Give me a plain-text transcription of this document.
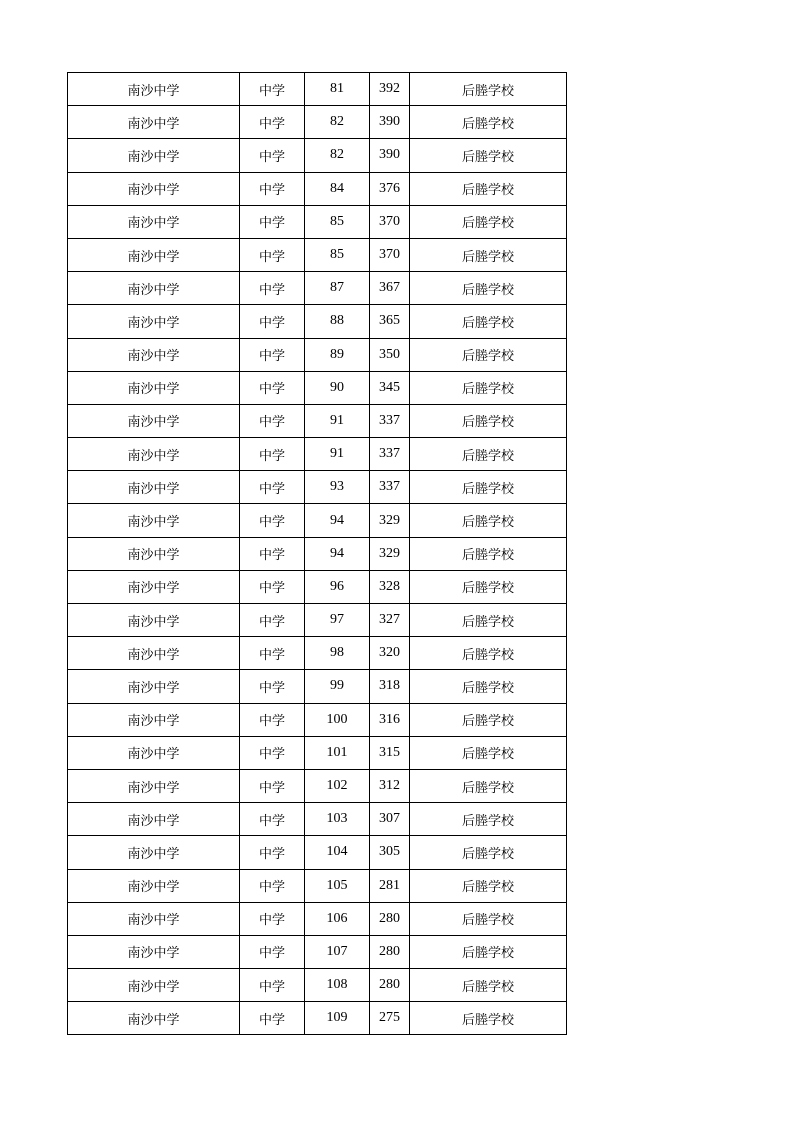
南沙中学	中学	81	392	后塍学校
南沙中学	中学	82	390	后塍学校
南沙中学	中学	82	390	后塍学校
南沙中学	中学	84	376	后塍学校
南沙中学	中学	85	370	后塍学校
南沙中学	中学	85	370	后塍学校
南沙中学	中学	87	367	后塍学校
南沙中学	中学	88	365	后塍学校
南沙中学	中学	89	350	后塍学校
南沙中学	中学	90	345	后塍学校
南沙中学	中学	91	337	后塍学校
南沙中学	中学	91	337	后塍学校
南沙中学	中学	93	337	后塍学校
南沙中学	中学	94	329	后塍学校
南沙中学	中学	94	329	后塍学校
南沙中学	中学	96	328	后塍学校
南沙中学	中学	97	327	后塍学校
南沙中学	中学	98	320	后塍学校
南沙中学	中学	99	318	后塍学校
南沙中学	中学	100	316	后塍学校
南沙中学	中学	101	315	后塍学校
南沙中学	中学	102	312	后塍学校
南沙中学	中学	103	307	后塍学校
南沙中学	中学	104	305	后塍学校
南沙中学	中学	105	281	后塍学校
南沙中学	中学	106	280	后塍学校
南沙中学	中学	107	280	后塍学校
南沙中学	中学	108	280	后塍学校
南沙中学	中学	109	275	后塍学校
